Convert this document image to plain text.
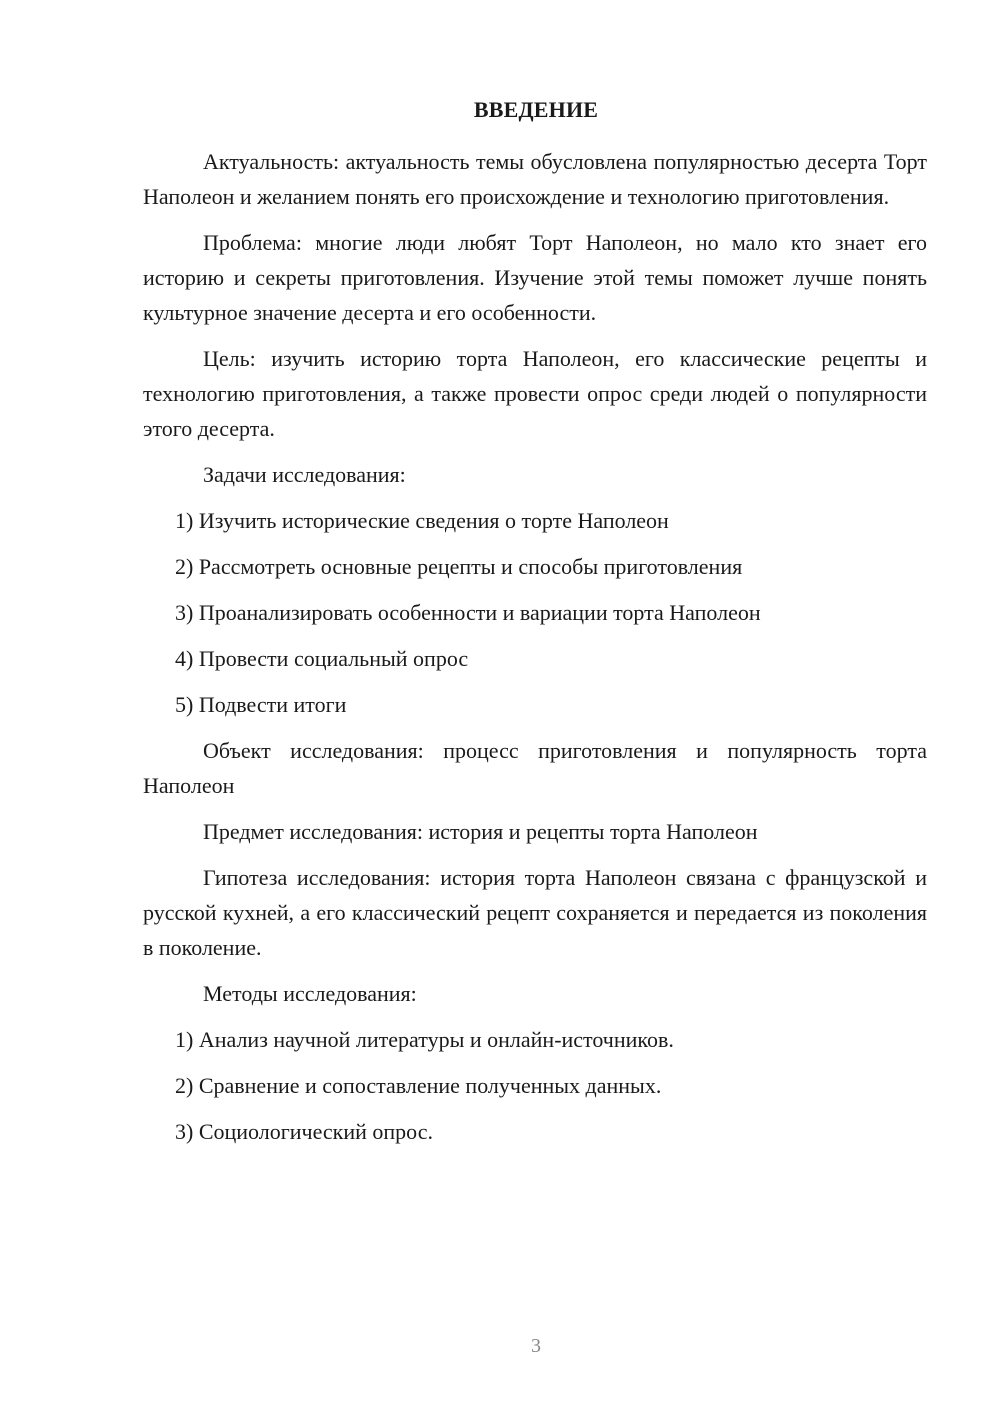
ВВЕДЕНИЕ

Актуальность: актуальность темы обусловлена популярностью десерта Торт Наполеон и желанием понять его происхождение и технологию приготовления.

Проблема: многие люди любят Торт Наполеон, но мало кто знает его историю и секреты приготовления. Изучение этой темы поможет лучше понять культурное значение десерта и его особенности.

Цель: изучить историю торта Наполеон, его классические рецепты и технологию приготовления, а также провести опрос среди людей о популярности этого десерта.

Задачи исследования:

1) Изучить исторические сведения о торте Наполеон

2) Рассмотреть основные рецепты и способы приготовления

3) Проанализировать особенности и вариации торта Наполеон

4) Провести социальный опрос

5) Подвести итоги

Объект исследования: процесс приготовления и популярность торта Наполеон

Предмет исследования: история и рецепты торта Наполеон

Гипотеза исследования: история торта Наполеон связана с французской и русской кухней, а его классический рецепт сохраняется и передается из поколения в поколение.

Методы исследования:

1) Анализ научной литературы и онлайн-источников.

2) Сравнение и сопоставление полученных данных.

3) Социологический опрос.

3
